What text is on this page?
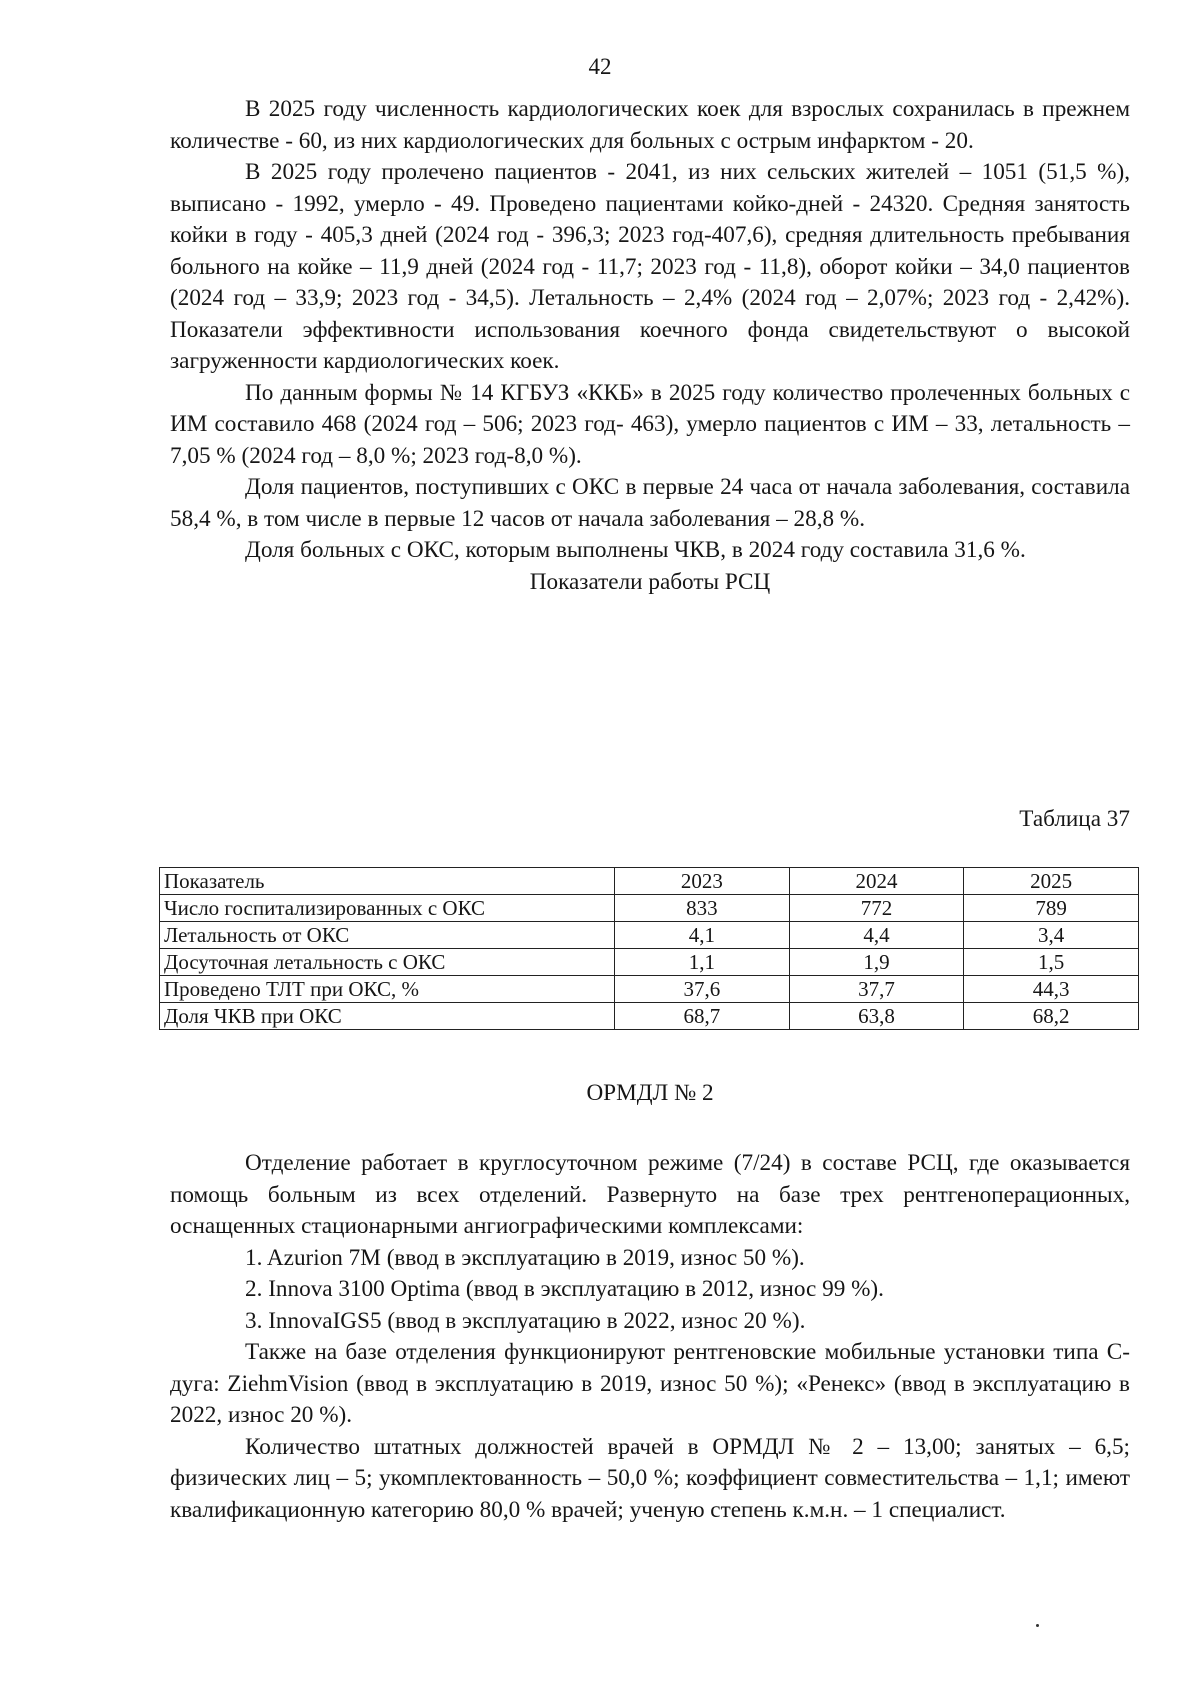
42

В 2025 году численность кардиологических коек для взрослых сохранилась в прежнем количестве - 60, из них кардиологических для больных с острым инфарктом - 20.

В 2025 году пролечено пациентов - 2041, из них сельских жителей – 1051 (51,5 %), выписано - 1992, умерло - 49. Проведено пациентами койко-дней - 24320. Средняя занятость койки в году - 405,3 дней (2024 год - 396,3; 2023 год-407,6), средняя длительность пребывания больного на койке – 11,9 дней (2024 год - 11,7; 2023 год - 11,8), оборот койки – 34,0 пациентов (2024 год – 33,9; 2023 год - 34,5). Летальность – 2,4% (2024 год – 2,07%; 2023 год - 2,42%). Показатели эффективности использования коечного фонда свидетельствуют о высокой загруженности кардиологических коек.

По данным формы № 14 КГБУЗ «ККБ» в 2025 году количество пролеченных больных с ИМ составило 468 (2024 год – 506; 2023 год- 463), умерло пациентов с ИМ – 33, летальность – 7,05 % (2024 год – 8,0 %; 2023 год-8,0 %).

Доля пациентов, поступивших с ОКС в первые 24 часа от начала заболевания, составила 58,4 %, в том числе в первые 12 часов от начала заболевания – 28,8 %.

Доля больных с ОКС, которым выполнены ЧКВ, в 2024 году составила 31,6 %.

Показатели работы РСЦ

Таблица 37

Показатель	2023	2024	2025
Число госпитализированных с ОКС	833	772	789
Летальность от ОКС	4,1	4,4	3,4
Досуточная летальность с ОКС	1,1	1,9	1,5
Проведено ТЛТ при ОКС, %	37,6	37,7	44,3
Доля ЧКВ при ОКС	68,7	63,8	68,2

ОРМДЛ № 2

Отделение работает в круглосуточном режиме (7/24) в составе РСЦ, где оказывается помощь больным из всех отделений. Развернуто на базе трех рентгеноперационных, оснащенных стационарными ангиографическими комплексами:

1. Azurion 7M (ввод в эксплуатацию в 2019, износ 50 %).

2. Innova 3100 Optima (ввод в эксплуатацию в 2012, износ 99 %).

3. InnovaIGS5 (ввод в эксплуатацию в 2022, износ 20 %).

Также на базе отделения функционируют рентгеновские мобильные установки типа С-дуга: ZiehmVision (ввод в эксплуатацию в 2019, износ 50 %); «Ренекс» (ввод в эксплуатацию в 2022, износ 20 %).

Количество штатных должностей врачей в ОРМДЛ № 2 – 13,00; занятых – 6,5; физических лиц – 5; укомплектованность – 50,0 %; коэффициент совместительства – 1,1; имеют квалификационную категорию 80,0 % врачей; ученую степень к.м.н. – 1 специалист.
